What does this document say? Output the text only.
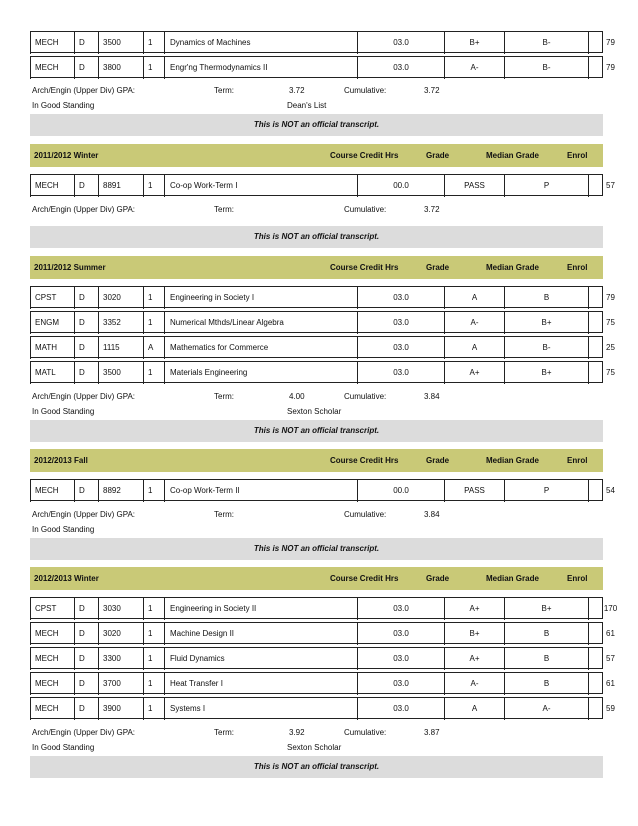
MECH	D	3500	1	Dynamics of Machines	03.0	B+	B-	79
MECH	D	3800	1	Engr'ng Thermodynamics II	03.0	A-	B-	79
Arch/Engin (Upper Div) GPA:	Term:	3.72	Cumulative:	3.72
In Good Standing	Dean's List
This is NOT an official transcript.
2011/2012 Winter	Course Credit Hrs	Grade	Median Grade	Enrol
MECH	D	8891	1	Co-op Work-Term I	00.0	PASS	P	57
Arch/Engin (Upper Div) GPA:	Term:	Cumulative:	3.72
This is NOT an official transcript.
2011/2012 Summer	Course Credit Hrs	Grade	Median Grade	Enrol
CPST	D	3020	1	Engineering in Society I	03.0	A	B	79
ENGM	D	3352	1	Numerical Mthds/Linear Algebra	03.0	A-	B+	75
MATH	D	1115	A	Mathematics for Commerce	03.0	A	B-	25
MATL	D	3500	1	Materials Engineering	03.0	A+	B+	75
Arch/Engin (Upper Div) GPA:	Term:	4.00	Cumulative:	3.84
In Good Standing	Sexton Scholar
This is NOT an official transcript.
2012/2013 Fall	Course Credit Hrs	Grade	Median Grade	Enrol
MECH	D	8892	1	Co-op Work-Term II	00.0	PASS	P	54
Arch/Engin (Upper Div) GPA:	Term:	Cumulative:	3.84
In Good Standing
This is NOT an official transcript.
2012/2013 Winter	Course Credit Hrs	Grade	Median Grade	Enrol
CPST	D	3030	1	Engineering in Society II	03.0	A+	B+	170
MECH	D	3020	1	Machine Design II	03.0	B+	B	61
MECH	D	3300	1	Fluid Dynamics	03.0	A+	B	57
MECH	D	3700	1	Heat Transfer I	03.0	A-	B	61
MECH	D	3900	1	Systems I	03.0	A	A-	59
Arch/Engin (Upper Div) GPA:	Term:	3.92	Cumulative:	3.87
In Good Standing	Sexton Scholar
This is NOT an official transcript.
